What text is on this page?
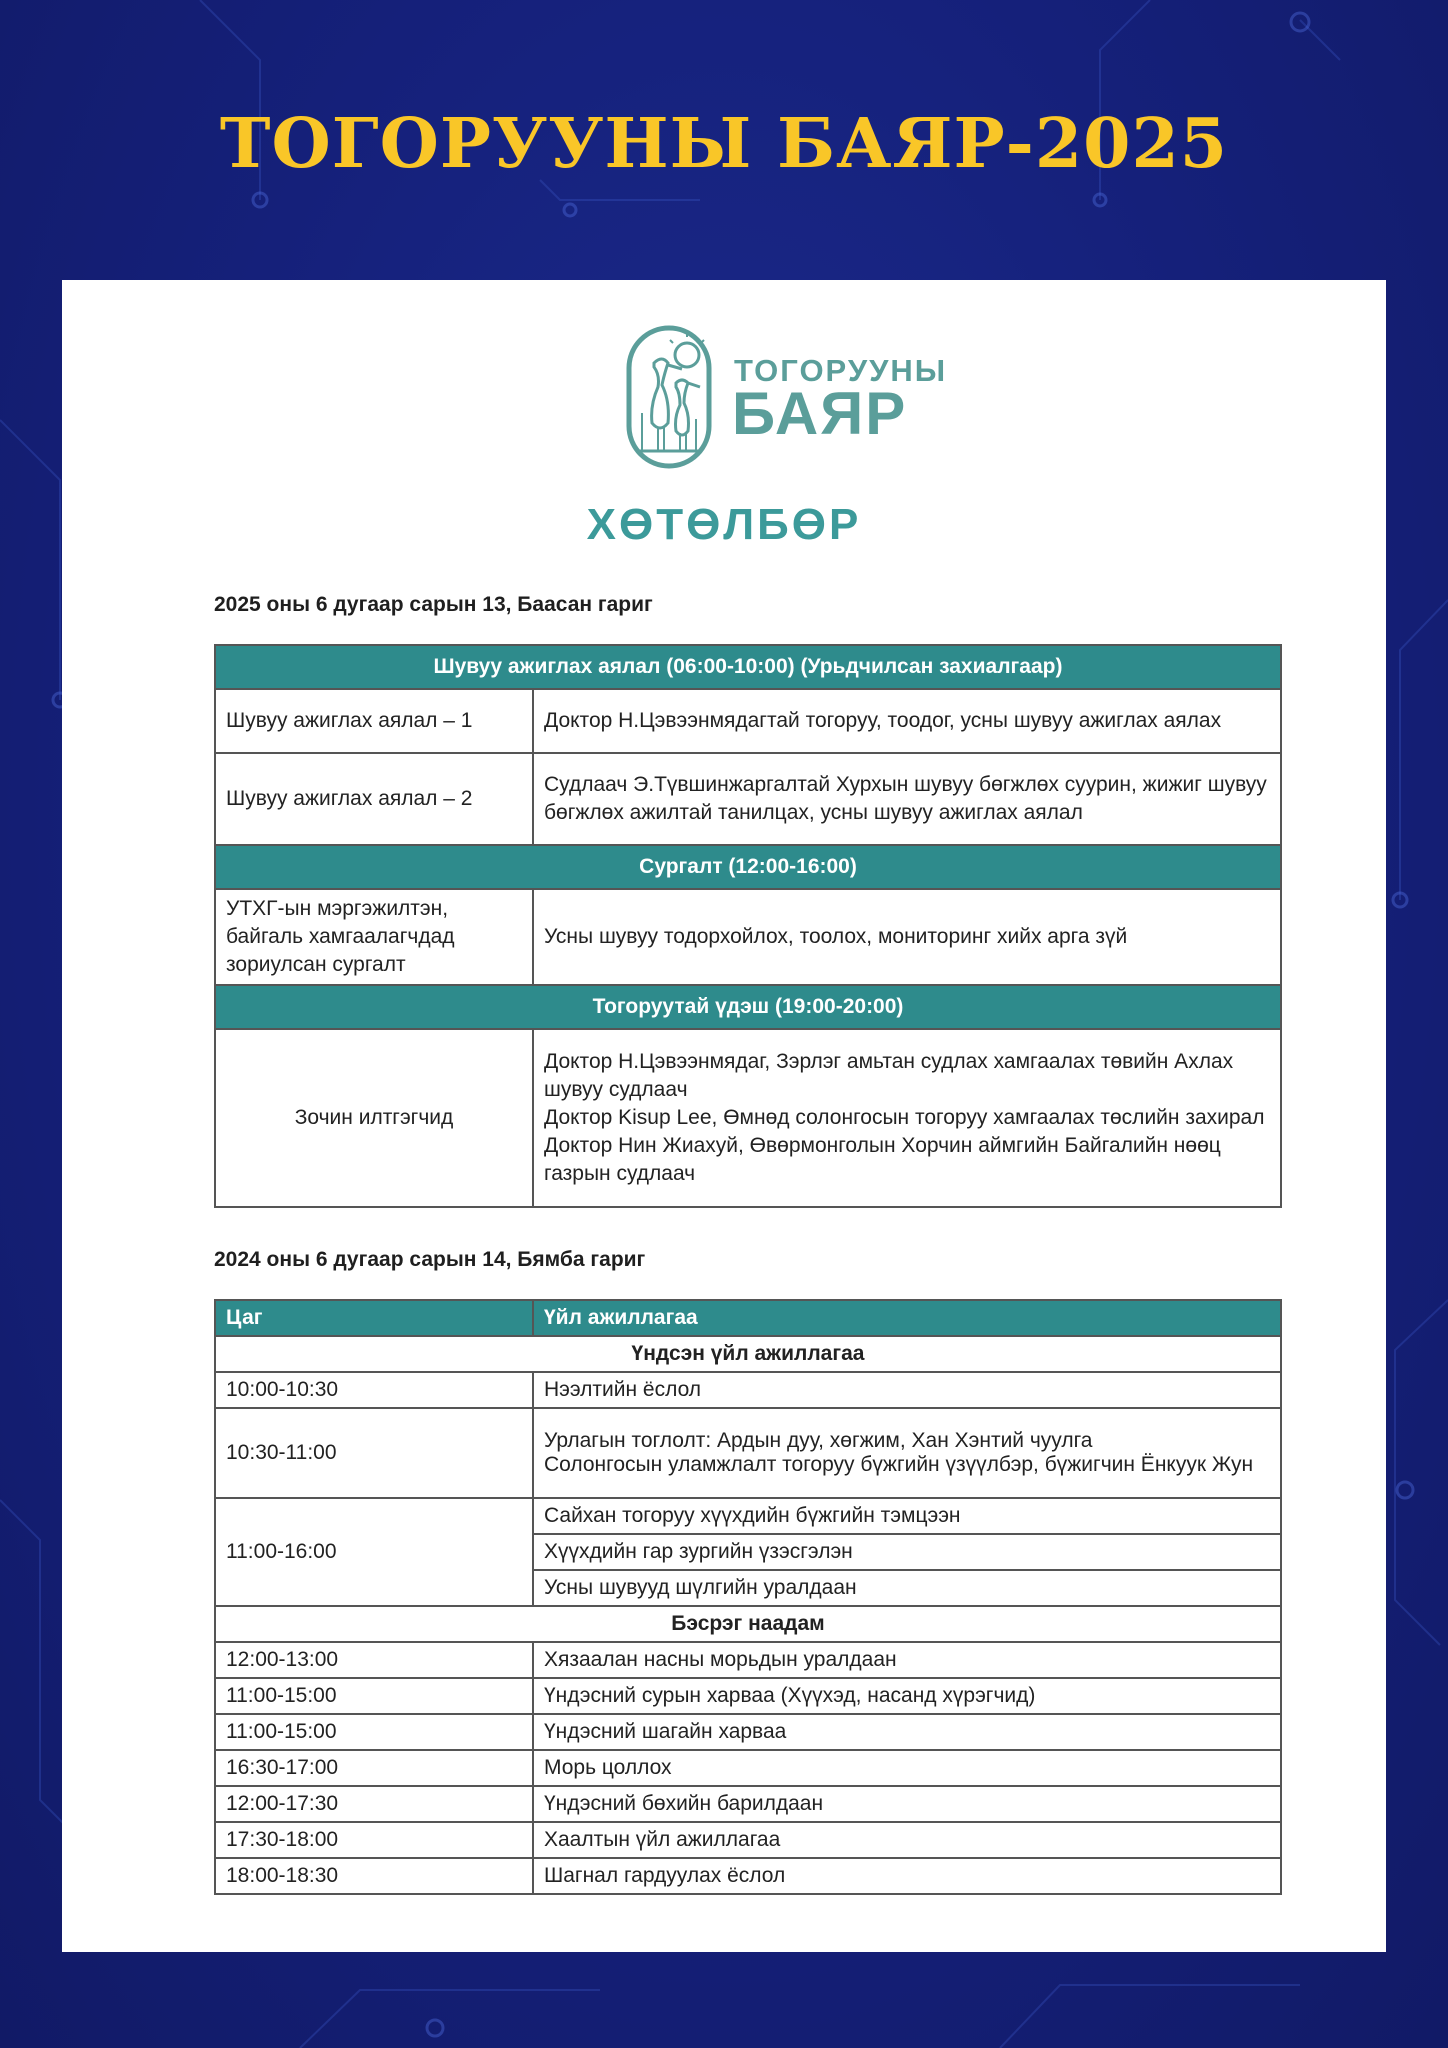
ТОГОРУУНЫ БАЯР-2025
ТОГОРУУНЫ
БАЯР
ХӨТӨЛБӨР

2025 оны 6 дугаар сарын 13, Баасан гариг

Шувуу ажиглах аялал (06:00-10:00) (Урьдчилсан захиалгаар)	
Шувуу ажиглах аялал – 1	Доктор Н.Цэвээнмядагтай тогоруу, тоодог, усны шувуу ажиглах аялах
Шувуу ажиглах аялал – 2	Судлаач Э.Түвшинжаргалтай Хурхын шувуу бөгжлөх суурин, жижиг шувуу бөгжлөх ажилтай танилцах, усны шувуу ажиглах аялал
Сургалт (12:00-16:00)	
УТХГ-ын мэргэжилтэн, байгаль хамгаалагчдад зориулсан сургалт	Усны шувуу тодорхойлох, тоолох, мониторинг хийх арга зүй
Тогоруутай үдэш (19:00-20:00)	
Зочин илтгэгчид	Доктор Н.Цэвээнмядаг, Зэрлэг амьтан судлах хамгаалах төвийн Ахлах шувуу судлаач
Доктор Kisup Lee, Өмнөд солонгосын тогоруу хамгаалах төслийн захирал
Доктор Нин Жиахуй, Өвөрмонголын Хорчин аймгийн Байгалийн нөөц газрын судлаач

2024 оны 6 дугаар сарын 14, Бямба гариг

Цаг	Үйл ажиллагаа
Үндсэн үйл ажиллагаа	
10:00-10:30	Нээлтийн ёслол
10:30-11:00	Урлагын тоглолт: Ардын дуу, хөгжим, Хан Хэнтий чуулга
Солонгосын уламжлалт тогоруу бүжгийн үзүүлбэр, бүжигчин Ёнкуук Жун

11:00-16:00	Сайхан тогоруу хүүхдийн бүжгийн тэмцээн
	Хүүхдийн гар зургийн үзэсгэлэн
	Усны шувууд шүлгийн уралдаан
Бэсрэг наадам	
12:00-13:00	Хязаалан насны морьдын уралдаан
11:00-15:00	Үндэсний сурын харваа (Хүүхэд, насанд хүрэгчид)
11:00-15:00	Үндэсний шагайн харваа
16:30-17:00	Морь цоллох
12:00-17:30	Үндэсний бөхийн барилдаан
17:30-18:00	Хаалтын үйл ажиллагаа
18:00-18:30	Шагнал гардуулах ёслол
